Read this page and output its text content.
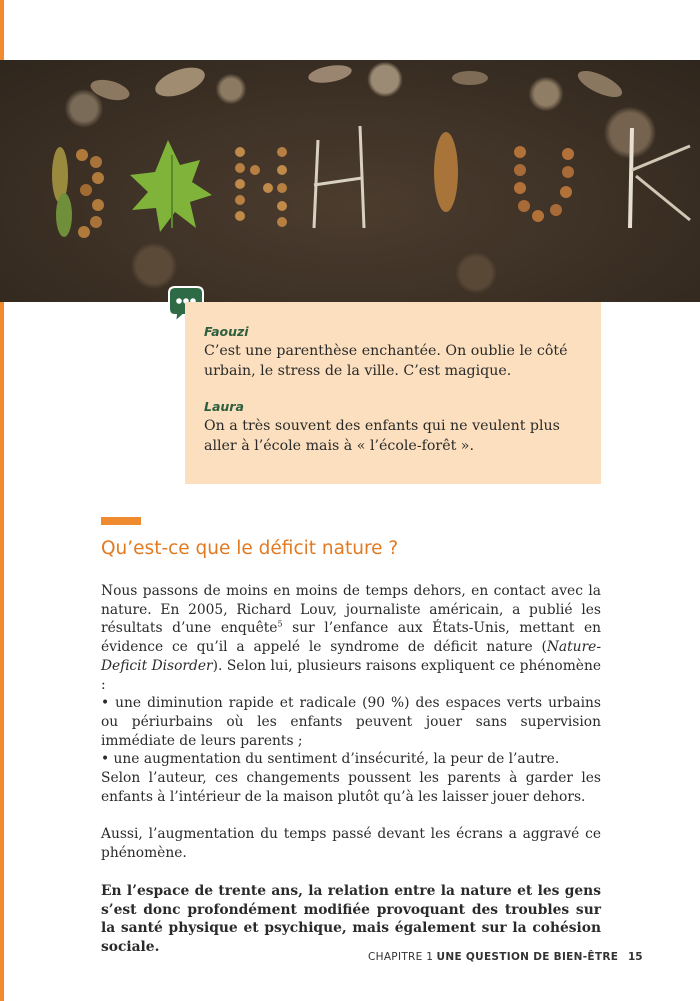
Faouzi

C’est une parenthèse enchantée. On oublie le côté urbain, le stress de la ville. C’est magique.

Laura

On a très souvent des enfants qui ne veulent plus aller à l’école mais à « l’école-forêt ».

Qu’est-ce que le déficit nature ?

Nous passons de moins en moins de temps dehors, en contact avec la nature. En 2005, Richard Louv, journaliste américain, a publié les résultats d’une enquête$^5$ sur l’enfance aux États-Unis, mettant en évidence ce qu’il a appelé le syndrome de déficit nature (Nature-Deficit Disorder). Selon lui, plusieurs raisons expliquent ce phénomène :

• une diminution rapide et radicale (90 %) des espaces verts urbains ou périurbains où les enfants peuvent jouer sans supervision immédiate de leurs parents ;

• une augmentation du sentiment d’insécurité, la peur de l’autre.

Selon l’auteur, ces changements poussent les parents à garder les enfants à l’intérieur de la maison plutôt qu’à les laisser jouer dehors.

Aussi, l’augmentation du temps passé devant les écrans a aggravé ce phénomène.

En l’espace de trente ans, la relation entre la nature et les gens s’est donc profondément modifiée provoquant des troubles sur la santé physique et psychique, mais également sur la cohésion sociale.

CHAPITRE 1 UNE QUESTION DE BIEN-ÊTRE 15
